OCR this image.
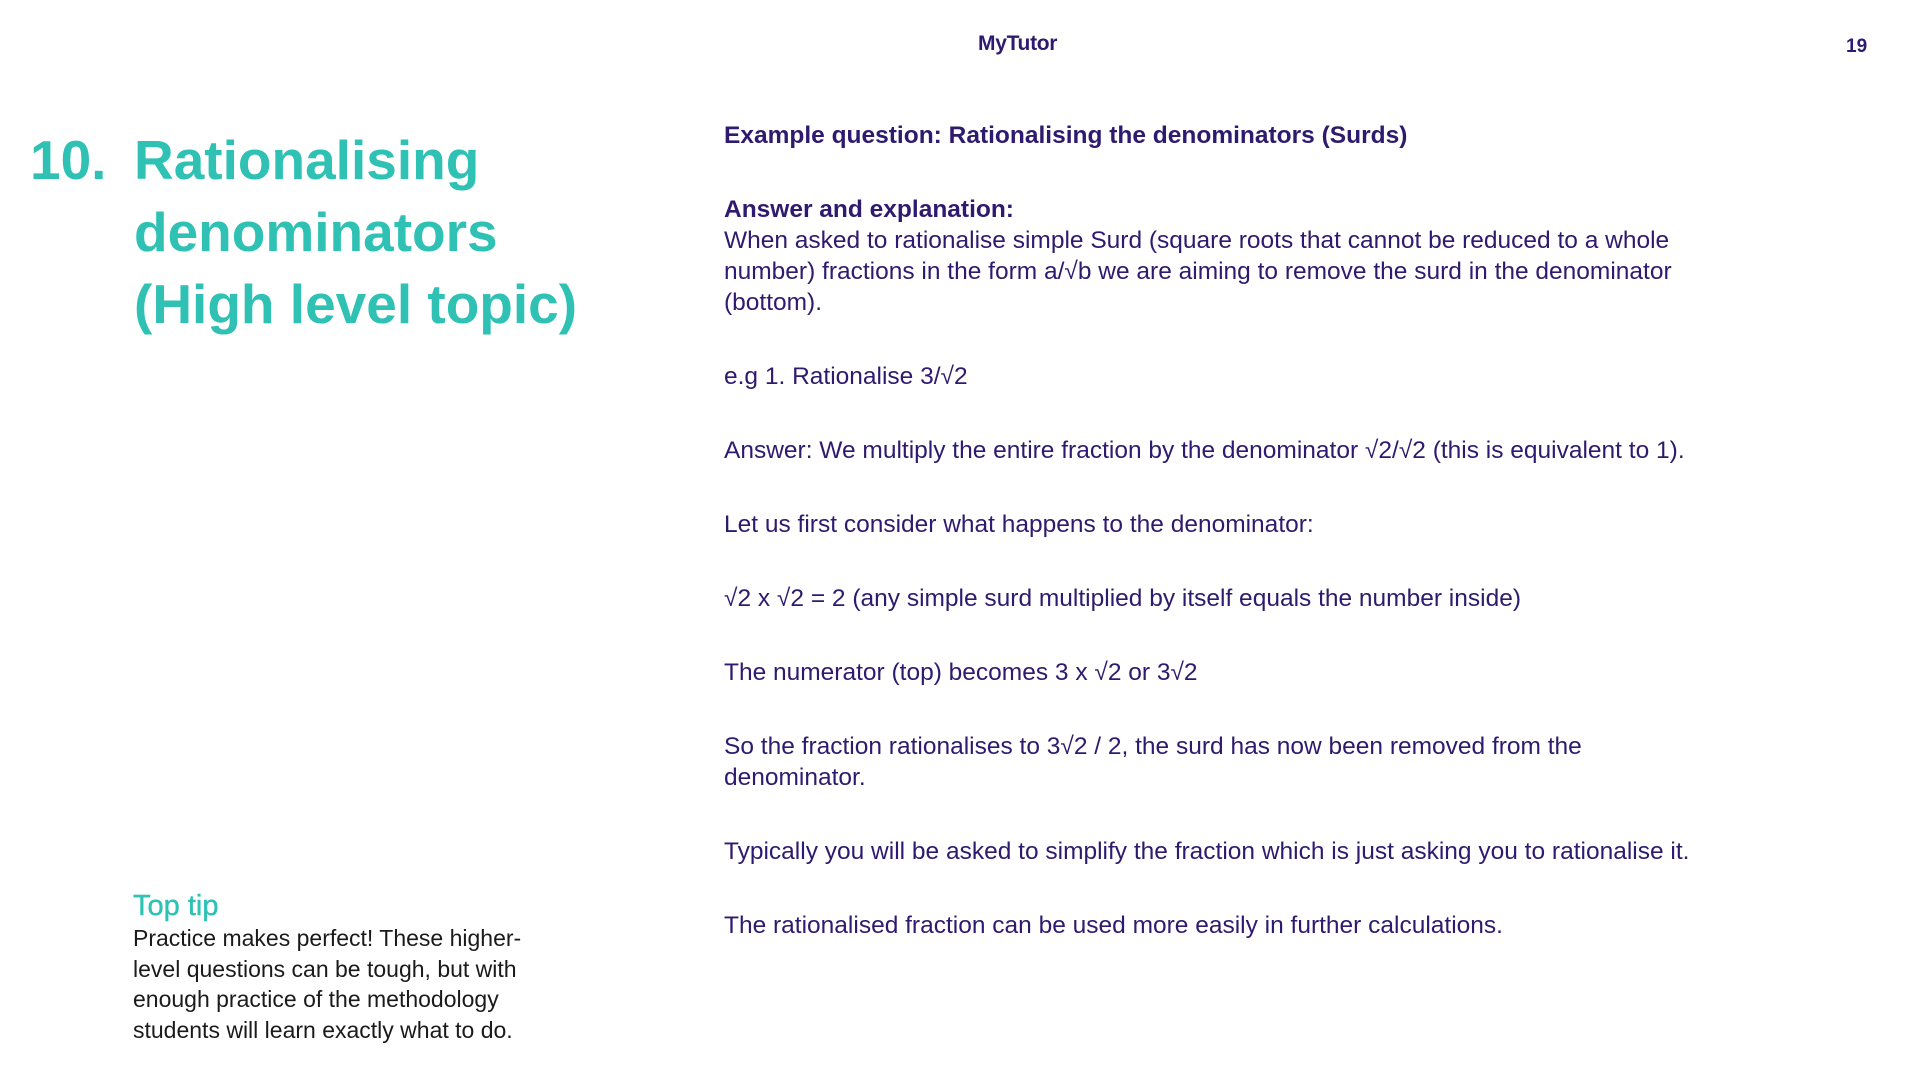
MyTutor	19
10. Rationalising
denominators
(High level topic)
Top tip
Practice makes perfect! These higher-
level questions can be tough, but with
enough practice of the methodology
students will learn exactly what to do.

Example question: Rationalising the denominators (Surds)

Answer and explanation:

When asked to rationalise simple Surd (square roots that cannot be reduced to a whole
number) fractions in the form a/√b we are aiming to remove the surd in the denominator
(bottom).

e.g 1. Rationalise 3/√2

Answer: We multiply the entire fraction by the denominator √2/√2 (this is equivalent to 1).

Let us first consider what happens to the denominator:

√2 x √2 = 2 (any simple surd multiplied by itself equals the number inside)

The numerator (top) becomes 3 x √2 or 3√2

So the fraction rationalises to 3√2 / 2, the surd has now been removed from the
denominator.

Typically you will be asked to simplify the fraction which is just asking you to rationalise it.

The rationalised fraction can be used more easily in further calculations.
